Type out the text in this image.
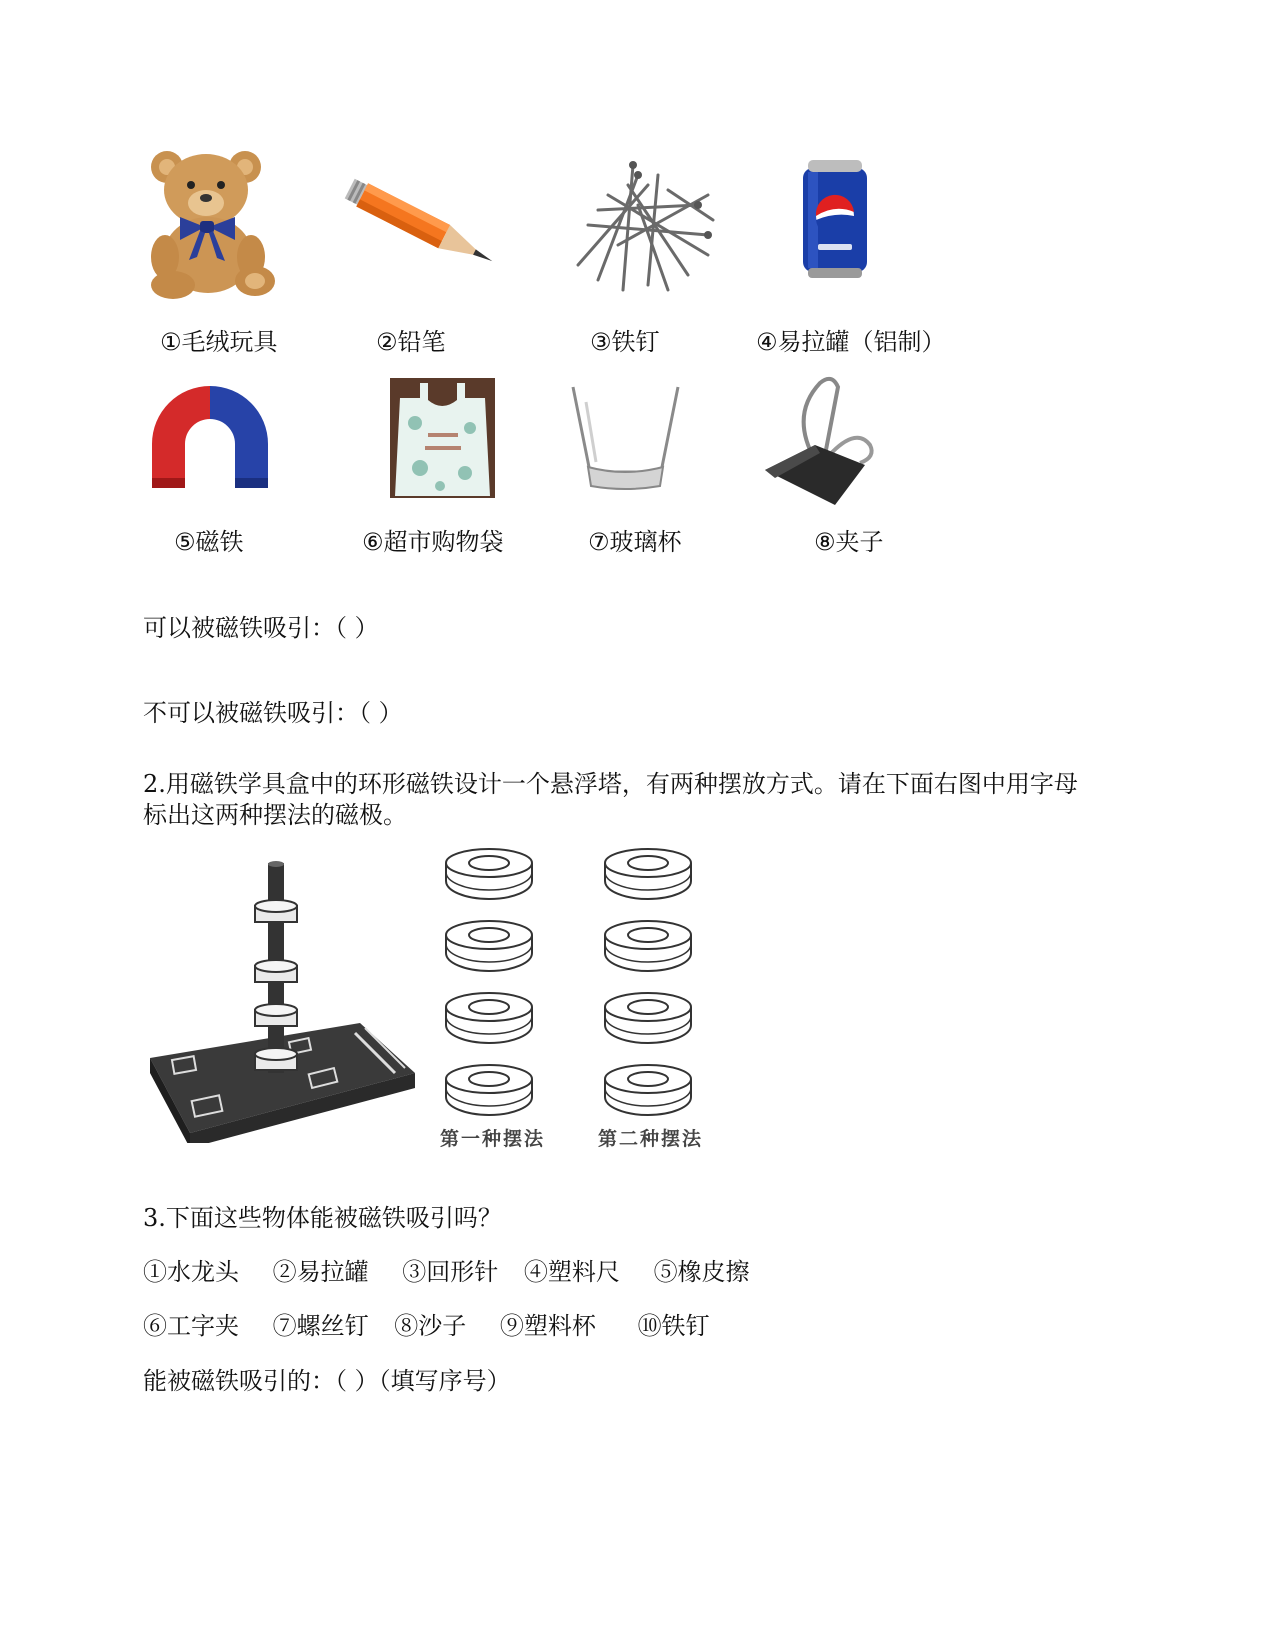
①毛绒玩具	②铅笔	③铁钉	④易拉罐（铝制）
⑤磁铁	⑥超市购物袋	⑦玻璃杯	⑧夹子
可以被磁铁吸引：（ ）
不可以被磁铁吸引：（ ）
2.用磁铁学具盒中的环形磁铁设计一个悬浮塔，有两种摆放方式。请在下面右图中用字母
标出这两种摆法的磁极。
第一种摆法	第二种摆法
3.下面这些物体能被磁铁吸引吗？
①水龙头 ②易拉罐 ③回形针 ④塑料尺 ⑤橡皮擦
⑥工字夹 ⑦螺丝钉 ⑧沙子 ⑨塑料杯 ⑩铁钉
能被磁铁吸引的：（ ）（填写序号）
